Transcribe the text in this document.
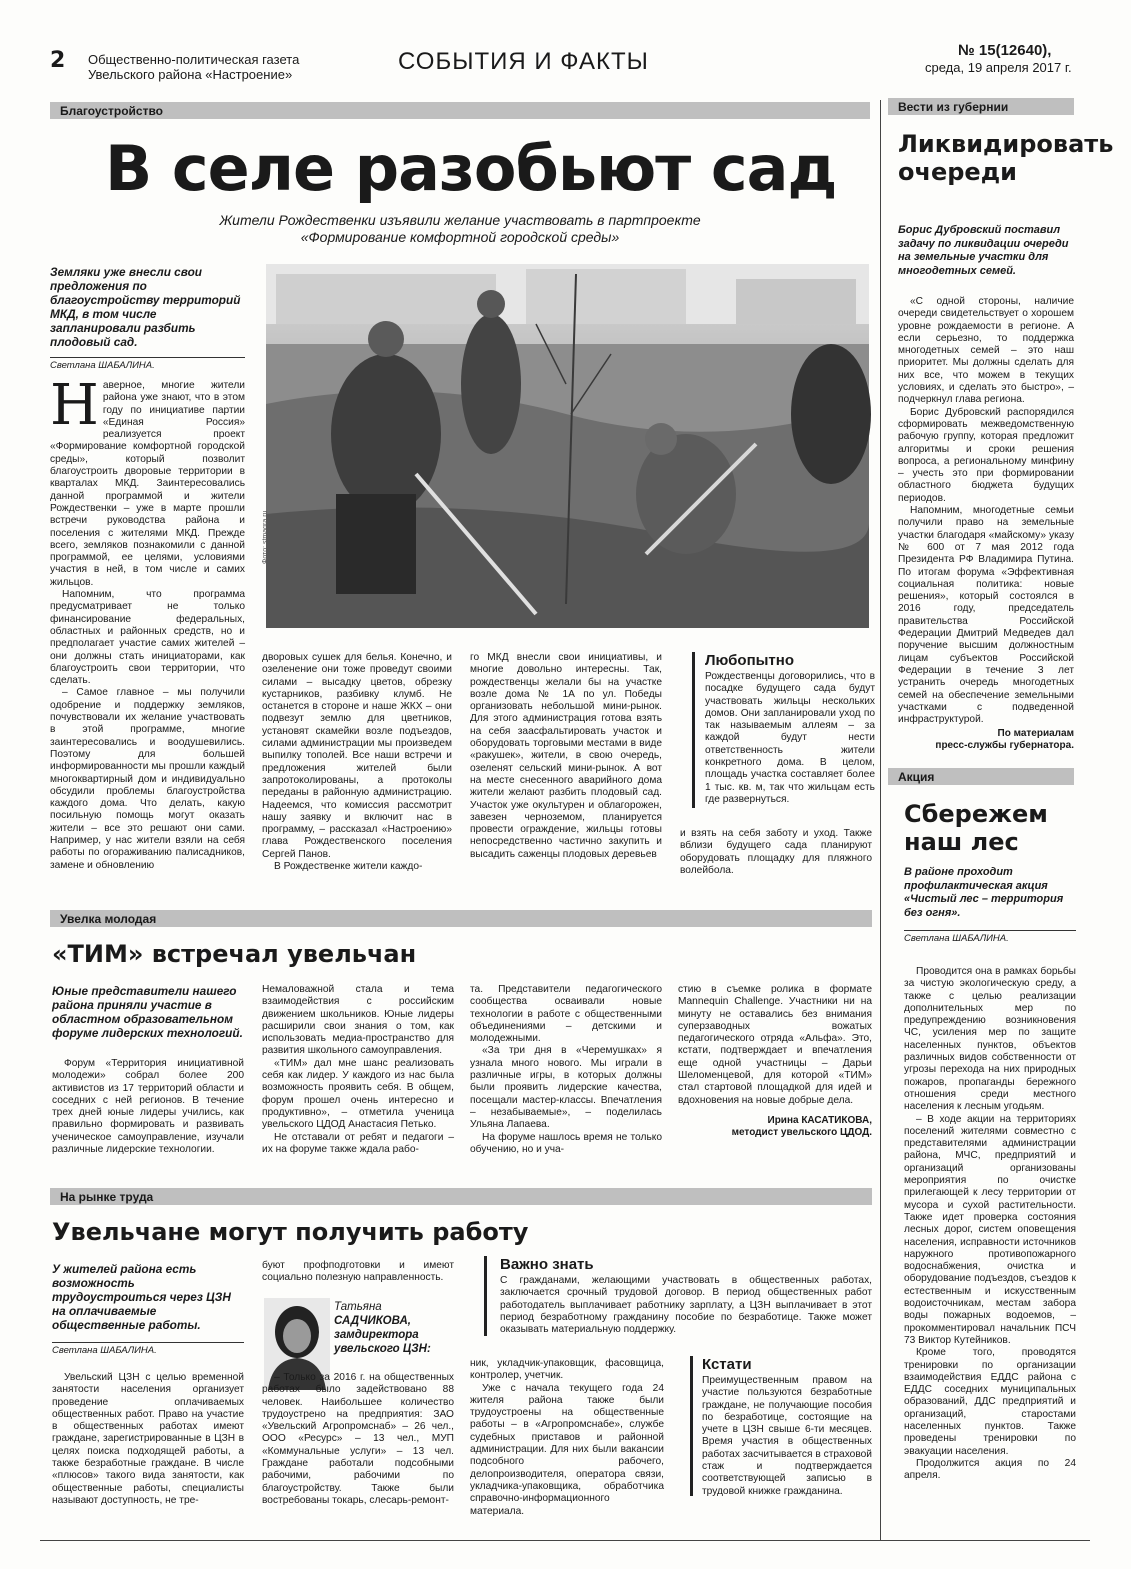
2 Общественно-политическая газета
Увельского района «Настроение»	СОБЫТИЯ И ФАКТЫ	№ 15(12640),
среда, 19 апреля 2017 г.
Благоустройство
В селе разобьют сад
Жители Рождественки изъявили желание участвовать в партпроекте «Формирование комфортной городской среды»
Земляки уже внесли свои предложения по благоустройству территорий МКД, в том числе запланировали разбить плодовый сад.
Светлана ШАБАЛИНА.
Н аверное, многие жители района уже знают, что в этом году по инициативе партии «Единая Россия» реализуется проект «Формирование комфортной городской среды», который позволит благоустроить дворовые территории в кварталах МКД. Заинтересовались данной программой и жители Рождественки – уже в марте прошли встречи руководства района и поселения с жителями МКД. Прежде всего, земляков познакомили с данной программой, ее целями, условиями участия в ней, в том числе и самих жильцов.

Напомним, что программа предусматривает не только финансирование федеральных, областных и районных средств, но и предполагает участие самих жителей – они должны стать инициаторами, как благоустроить свои территории, что сделать.

– Самое главное – мы получили одобрение и поддержку земляков, почувствовали их желание участвовать в этой программе, многие заинтересовались и воодушевились. Поэтому для большей информированности мы прошли каждый многоквартирный дом и индивидуально обсудили проблемы благоустройства каждого дома. Что делать, какую посильную помощь могут оказать жители – все это решают они сами. Например, у нас жители взяли на себя работы по огораживанию палисадников, замене и обновлению

Фото: stmagra.ru

дворовых сушек для белья. Конечно, и озеленение они тоже проведут своими силами – высадку цветов, обрезку кустарников, разбивку клумб. Не останется в стороне и наше ЖКХ – они подвезут землю для цветников, установят скамейки возле подъездов, силами администрации мы произведем выпилку тополей. Все наши встречи и предложения жителей были запротоколированы, а протоколы переданы в районную администрацию. Надеемся, что комиссия рассмотрит нашу заявку и включит нас в программу, – рассказал «Настроению» глава Рождественского поселения Сергей Панов.

В Рождественке жители каждо-

го МКД внесли свои инициативы, и многие довольно интересны. Так, рождественцы желали бы на участке возле дома № 1А по ул. Победы организовать небольшой мини-рынок. Для этого администрация готова взять на себя заасфальтировать участок и оборудовать торговыми местами в виде «ракушек», жители, в свою очередь, озеленят сельский мини-рынок. А вот на месте снесенного аварийного дома жители желают разбить плодовый сад. Участок уже окультурен и облагорожен, завезен черноземом, планируется провести ограждение, жильцы готовы непосредственно частично закупить и высадить саженцы плодовых деревьев

Любопытно
Рождественцы договорились, что в посадке будущего сада будут участвовать жильцы нескольких домов. Они запланировали уход по так называемым аллеям – за каждой будут нести ответственность жители конкретного дома. В целом, площадь участка составляет более 1 тыс. кв. м, так что жильцам есть где развернуться.

и взять на себя заботу и уход. Также вблизи будущего сада планируют оборудовать площадку для пляжного волейбола.

Вести из губернии
Ликвидировать очереди
Борис Дубровский поставил задачу по ликвидации очереди на земельные участки для многодетных семей.

«С одной стороны, наличие очереди свидетельствует о хорошем уровне рождаемости в регионе. А если серьезно, то поддержка многодетных семей – это наш приоритет. Мы должны сделать для них все, что можем в текущих условиях, и сделать это быстро», – подчеркнул глава региона.

Борис Дубровский распорядился сформировать межведомственную рабочую группу, которая предложит алгоритмы и сроки решения вопроса, а региональному минфину – учесть это при формировании областного бюджета будущих периодов.

Напомним, многодетные семьи получили право на земельные участки благодаря «майскому» указу № 600 от 7 мая 2012 года Президента РФ Владимира Путина. По итогам форума «Эффективная социальная политика: новые решения», который состоялся в 2016 году, председатель правительства Российской Федерации Дмитрий Медведев дал поручение высшим должностным лицам субъектов Российской Федерации в течение 3 лет устранить очередь многодетных семей на обеспечение земельными участками с подведенной инфраструктурой.

По материалам
пресс-службы губернатора.
Акция
Сбережем наш лес
В районе проходит профилактическая акция «Чистый лес – территория без огня».
Светлана ШАБАЛИНА.

Проводится она в рамках борьбы за чистую экологическую среду, а также с целью реализации дополнительных мер по предупреждению возникновения ЧС, усиления мер по защите населенных пунктов, объектов различных видов собственности от угрозы перехода на них природных пожаров, пропаганды бережного отношения среди местного населения к лесным угодьям.

– В ходе акции на территориях поселений жителями совместно с представителями администрации района, МЧС, предприятий и организаций организованы мероприятия по очистке прилегающей к лесу территории от мусора и сухой растительности. Также идет проверка состояния лесных дорог, систем оповещения населения, исправности источников наружного противопожарного водоснабжения, очистка и оборудование подъездов, съездов к естественным и искусственным водоисточникам, местам забора воды пожарных водоемов, – прокомментировал начальник ПСЧ 73 Виктор Кутейников.

Кроме того, проводятся тренировки по организации взаимодействия ЕДДС района с ЕДДС соседних муниципальных образований, ДДС предприятий и организаций, старостами населенных пунктов. Также проведены тренировки по эвакуации населения.

Продолжится акция по 24 апреля.

Увелка молодая
«ТИМ» встречал увельчан
Юные представители нашего района приняли участие в областном образовательном форуме лидерских технологий.

Форум «Территория инициативной молодежи» собрал более 200 активистов из 17 территорий области и соседних с ней регионов. В течение трех дней юные лидеры учились, как правильно формировать и развивать ученическое самоуправление, изучали различные лидерские технологии.

Немаловажной стала и тема взаимодействия с российским движением школьников. Юные лидеры расширили свои знания о том, как использовать медиа-пространство для развития школьного самоуправления.

«ТИМ» дал мне шанс реализовать себя как лидер. У каждого из нас была возможность проявить себя. В общем, форум прошел очень интересно и продуктивно», – отметила ученица увельского ЦДОД Анастасия Петько.

Не отставали от ребят и педагоги – их на форуме также ждала рабо-

та. Представители педагогического сообщества осваивали новые технологии в работе с общественными объединениями – детскими и молодежными.

«За три дня в «Черемушках» я узнала много нового. Мы играли в различные игры, в которых должны были проявить лидерские качества, посещали мастер-классы. Впечатления – незабываемые», – поделилась Ульяна Лапаева.

На форуме нашлось время не только обучению, но и уча-

стию в съемке ролика в формате Mannequin Challenge. Участники ни на минуту не оставались без внимания суперзаводных вожатых педагогического отряда «Альфа». Это, кстати, подтверждает и впечатления еще одной участницы – Дарьи Шеломенцевой, для которой «ТИМ» стал стартовой площадкой для идей и вдохновения на новые добрые дела.

Ирина КАСАТИКОВА,
методист увельского ЦДОД.
На рынке труда
Увельчане могут получить работу
У жителей района есть возможность трудоустроиться через ЦЗН на оплачиваемые общественные работы.
Светлана ШАБАЛИНА.

Увельский ЦЗН с целью временной занятости населения организует проведение оплачиваемых общественных работ. Право на участие в общественных работах имеют граждане, зарегистрированные в ЦЗН в целях поиска подходящей работы, а также безработные граждане. В числе «плюсов» такого вида занятости, как общественные работы, специалисты называют доступность, не тре-

буют профподготовки и имеют социально полезную направленность.

Татьяна
САДЧИКОВА,
замдиректора увельского ЦЗН:

– Только за 2016 г. на общественных работах было задействовано 88 человек. Наибольшее количество трудоустрено на предприятия: ЗАО «Увельский Агропромснаб» – 26 чел., ООО «Ресурс» – 13 чел., МУП «Коммунальные услуги» – 13 чел. Граждане работали подсобными рабочими, рабочими по благоустройству. Также были востребованы токарь, слесарь-ремонт-

Важно знать
С гражданами, желающими участвовать в общественных работах, заключается срочный трудовой договор. В период общественных работ работодатель выплачивает работнику зарплату, а ЦЗН выплачивает в этот период безработному гражданину пособие по безработице. Также может оказывать материальную поддержку.

ник, укладчик-упаковщик, фасовщица, контролер, учетчик.

Уже с начала текущего года 24 жителя района также были трудоустроены на общественные работы – в «Агропромснабе», службе судебных приставов и районной администрации. Для них были вакансии подсобного рабочего, делопроизводителя, оператора связи, укладчика-упаковщика, обработчика справочно-информационного материала.

Кстати
Преимущественным правом на участие пользуются безработные граждане, не получающие пособия по безработице, состоящие на учете в ЦЗН свыше 6-ти месяцев. Время участия в общественных работах засчитывается в страховой стаж и подтверждается соответствующей записью в трудовой книжке гражданина.
